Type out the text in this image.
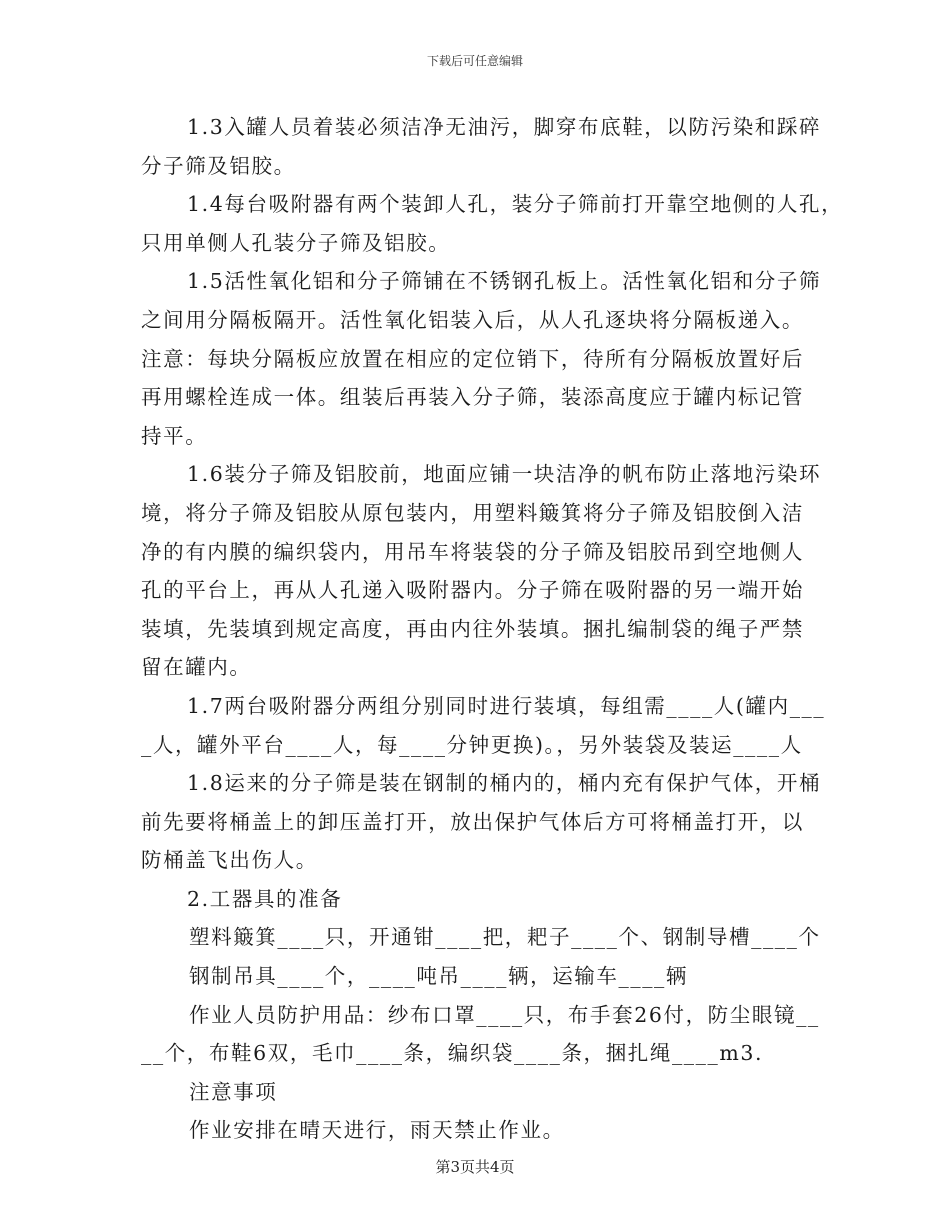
下载后可任意编辑
1.3入罐人员着装必须洁净无油污，脚穿布底鞋，以防污染和踩碎
分子筛及铝胶。
1.4每台吸附器有两个装卸人孔，装分子筛前打开靠空地侧的人孔，
只用单侧人孔装分子筛及铝胶。
1.5活性氧化铝和分子筛铺在不锈钢孔板上。活性氧化铝和分子筛
之间用分隔板隔开。活性氧化铝装入后，从人孔逐块将分隔板递入。
注意：每块分隔板应放置在相应的定位销下，待所有分隔板放置好后
再用螺栓连成一体。组装后再装入分子筛，装添高度应于罐内标记管
持平。
1.6装分子筛及铝胶前，地面应铺一块洁净的帆布防止落地污染环
境，将分子筛及铝胶从原包装内，用塑料簸箕将分子筛及铝胶倒入洁
净的有内膜的编织袋内，用吊车将装袋的分子筛及铝胶吊到空地侧人
孔的平台上，再从人孔递入吸附器内。分子筛在吸附器的另一端开始
装填，先装填到规定高度，再由内往外装填。捆扎编制袋的绳子严禁
留在罐内。
1.7两台吸附器分两组分别同时进行装填，每组需____人(罐内___
_人，罐外平台____人，每____分钟更换)。，另外装袋及装运____人
1.8运来的分子筛是装在钢制的桶内的，桶内充有保护气体，开桶
前先要将桶盖上的卸压盖打开，放出保护气体后方可将桶盖打开，以
防桶盖飞出伤人。
2.工器具的准备
塑料簸箕____只，开通钳____把，耙子____个、钢制导槽____个
钢制吊具____个，____吨吊____辆，运输车____辆
作业人员防护用品：纱布口罩____只，布手套26付，防尘眼镜__
__个，布鞋6双，毛巾____条，编织袋____条，捆扎绳____m3.
注意事项
作业安排在晴天进行，雨天禁止作业。
第3页共4页
